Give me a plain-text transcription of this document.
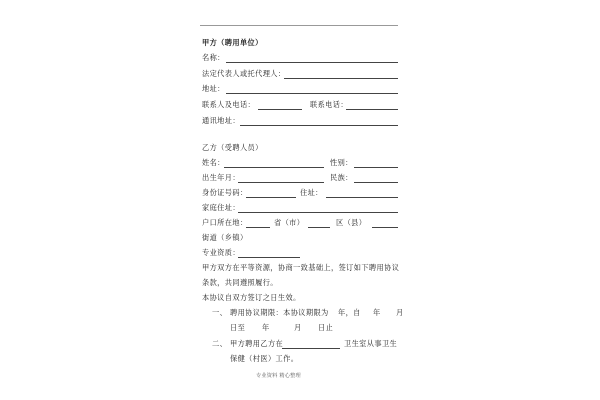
甲方（聘用单位）
名称：
法定代表人或托代理人：
地址：
联系人及电话：	联系电话：
通讯地址：
乙方（受聘人员）
姓名：	性别：
出生年月：	民族：
身份证号码：	住址：
家庭住址：
户口所在地：	省（市）	区（县）
街道（乡镇）
专业资质：
甲方双方在平等资源，协商一致基础上，签订如下聘用协议
条款，共同遵照履行。
本协议自双方签订之日生效。
一、 聘用协议期限：本协议期限为 年，自 年 月
日至 年	月 日止
二、 甲方聘用乙方在	卫生室从事卫生
保健（村医）工作。
专业资料 精心整理
